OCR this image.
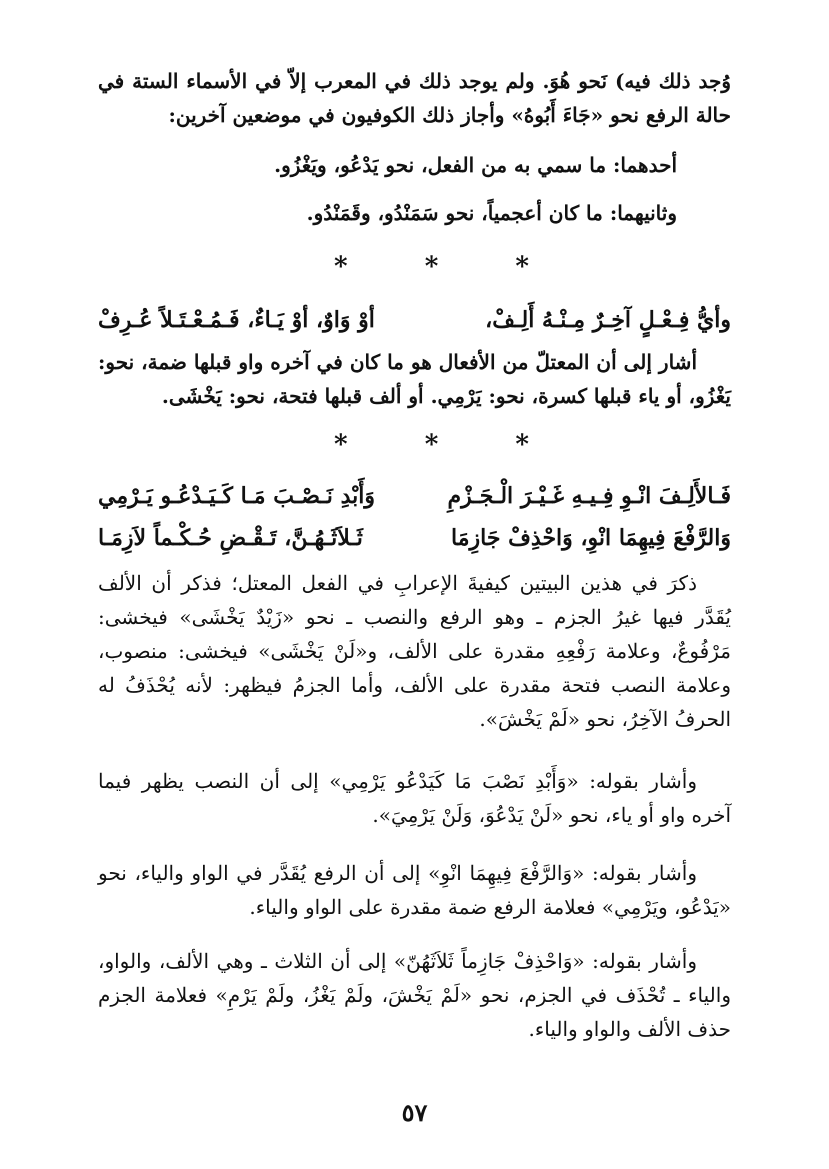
وُجد ذلك فيه) نَحو هُوَ. ولم يوجد ذلك في المعرب إلاّ في الأسماء الستة في حالة الرفع نحو «جَاءَ أَبُوهُ» وأجاز ذلك الكوفيون في موضعين آخرين:

أحدهما: ما سمي به من الفعل، نحو يَدْعُو، ويَغْزُو.

وثانيهما: ما كان أعجمياً، نحو سَمَنْدُو، وقَمَنْدُو.

* * *

وأيُّ فِـعْـلٍ آخِـرٌ مِـنْـهُ أَلِـفْ،
أوْ وَاوٌ، أوْ يَـاءٌ، فَـمُـعْـتَـلاً عُـرِفْ

أشار إلى أن المعتلّ من الأفعال هو ما كان في آخره واو قبلها ضمة، نحو: يَغْزُو، أو ياء قبلها كسرة، نحو: يَرْمِي. أو ألف قبلها فتحة، نحو: يَخْشَى.

* * *

فَـالأَلِـفَ انْـوِ فِـيـهِ غَـيْـرَ الْـجَـزْمِ
وَأَبْدِ نَـصْـبَ مَـا كَـيَـدْعُـو يَـرْمِي
وَالرَّفْعَ فِيهِمَا انْوِ، وَاحْذِفْ جَازِمَا
ثَـلاَثَـهُـنَّ، تَـقْـضِ حُـكْـماً لاَزِمَـا

ذكرَ في هذين البيتين كيفيةَ الإعرابِ في الفعل المعتل؛ فذكر أن الألف يُقَدَّر فيها غيرُ الجزم ـ وهو الرفع والنصب ـ نحو «زَيْدٌ يَخْشَى» فيخشى: مَرْفُوعٌ، وعلامة رَفْعِهِ مقدرة على الألف، و«لَنْ يَخْشَى» فيخشى: منصوب، وعلامة النصب فتحة مقدرة على الألف، وأما الجزمُ فيظهر: لأنه يُحْذَفُ له الحرفُ الآخِرُ، نحو «لَمْ يَخْشَ».

وأشار بقوله: «وَأَبْدِ نَصْبَ مَا كَيَدْعُو يَرْمِي» إلى أن النصب يظهر فيما آخره واو أو ياء، نحو «لَنْ يَدْعُوَ، وَلَنْ يَرْمِيَ».

وأشار بقوله: «وَالرَّفْعَ فِيهِمَا انْوِ» إلى أن الرفع يُقَدَّر في الواو والياء، نحو «يَدْعُو، ويَرْمِي» فعلامة الرفع ضمة مقدرة على الواو والياء.

وأشار بقوله: «وَاحْذِفْ جَازِماً ثَلاَثَهُنّ» إلى أن الثلاث ـ وهي الألف، والواو، والياء ـ تُحْذَف في الجزم، نحو «لَمْ يَخْشَ، ولَمْ يَغْزُ، ولَمْ يَرْمِ» فعلامة الجزم حذف الألف والواو والياء.

٥٧
